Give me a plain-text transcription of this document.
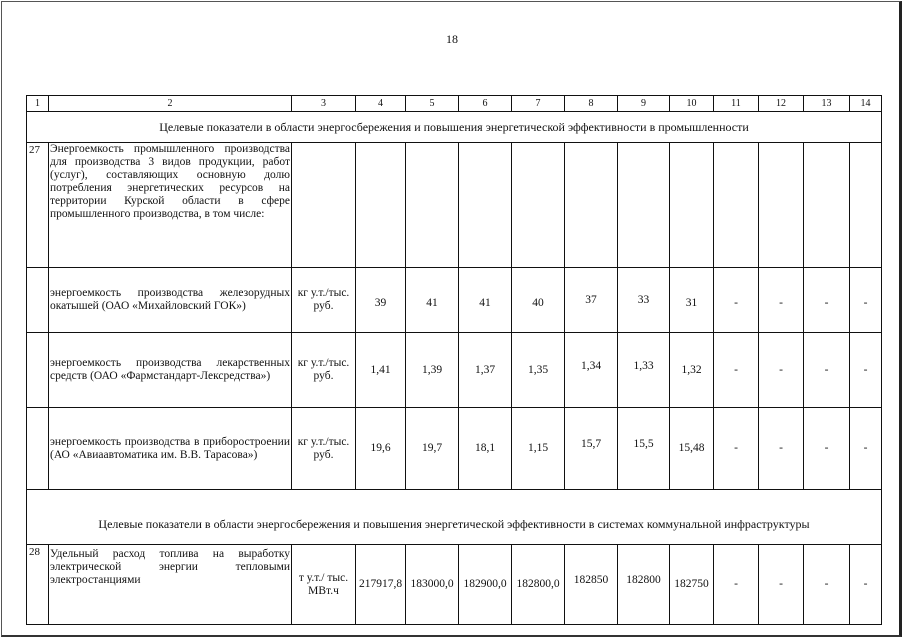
18
1	2	3	4	5	6	7	8	9	10	11	12	13	14
Целевые показатели в области энергосбережения и повышения энергетической эффективности в промышленности													
27	Энергоемкость промышленного производства для производства 3 видов продукции, работ (услуг), составляющих основную долю потребления энергетических ресурсов на территории Курской области в сфере промышленного производства, в том числе:												
	энергоемкость производства железорудных окатышей (ОАО «Михайловский ГОК»)	кг у.т./тыс. руб.	39	41	41	40	37	33	31	-	-	-	-
	энергоемкость производства лекарственных средств (ОАО «Фармстандарт-Лексредства»)	кг у.т./тыс. руб.	1,41	1,39	1,37	1,35	1,34	1,33	1,32	-	-	-	-
	энергоемкость производства в приборостроении (АО «Авиаавтоматика им. В.В. Тарасова»)	кг у.т./тыс. руб.	19,6	19,7	18,1	1,15	15,7	15,5	15,48	-	-	-	-
Целевые показатели в области энергосбережения и повышения энергетической эффективности в системах коммунальной инфраструктуры													
28	Удельный расход топлива на выработку электрической энергии тепловыми электростанциями	т у.т./ тыс. МВт.ч	217917,8	183000,0	182900,0	182800,0	182850	182800	182750	-	-	-	-
